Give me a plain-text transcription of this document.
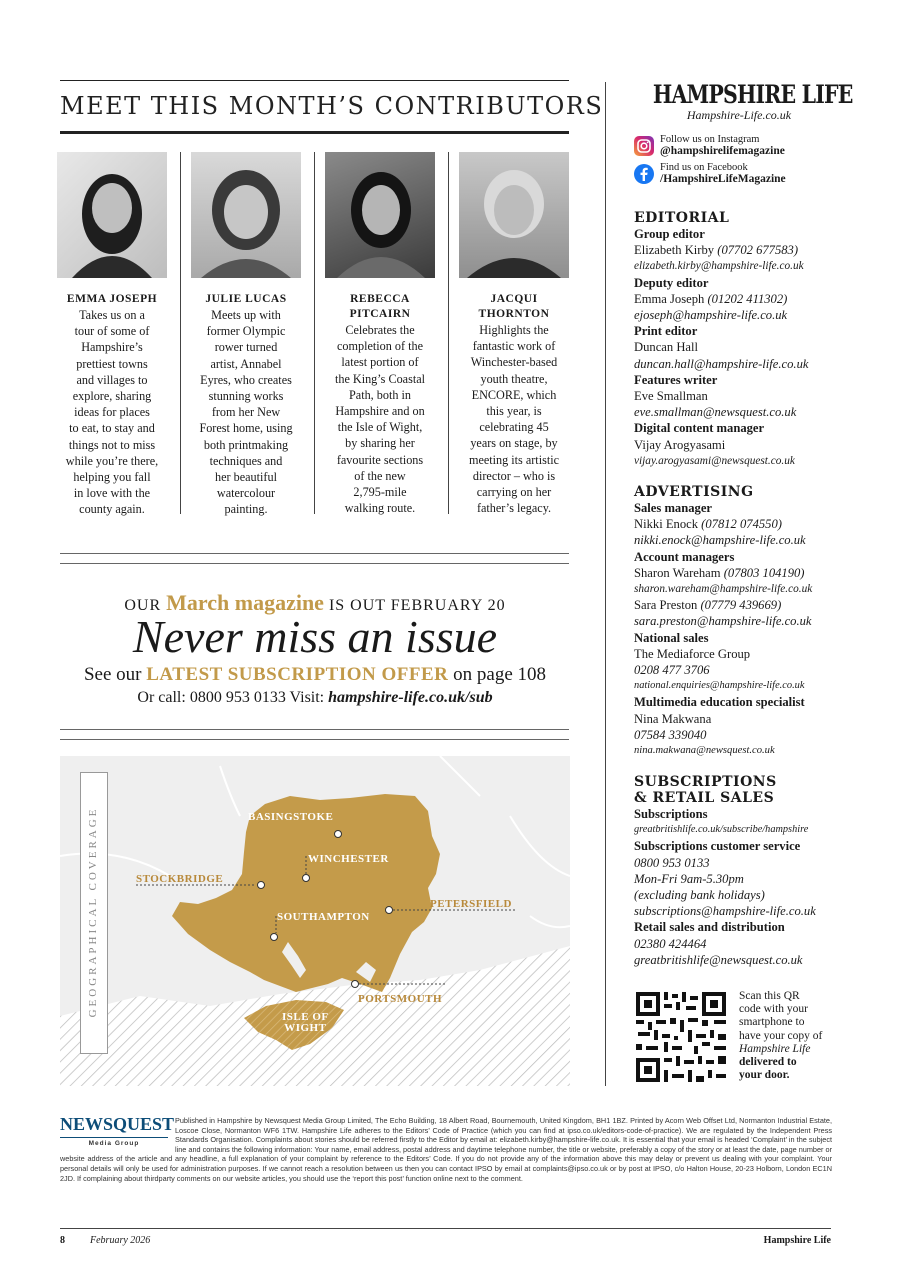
MEET THIS MONTH’S CONTRIBUTORS
EMMA JOSEPH
Takes us on a
tour of some of
Hampshire’s
prettiest towns
and villages to
explore, sharing
ideas for places
to eat, to stay and
things not to miss
while you’re there,
helping you fall
in love with the
county again.
JULIE LUCAS
Meets up with
former Olympic
rower turned
artist, Annabel
Eyres, who creates
stunning works
from her New
Forest home, using
both printmaking
techniques and
her beautiful
watercolour
painting.
REBECCA
PITCAIRN
Celebrates the
completion of the
latest portion of
the King’s Coastal
Path, both in
Hampshire and on
the Isle of Wight,
by sharing her
favourite sections
of the new
2,795-mile
walking route.
JACQUI
THORNTON
Highlights the
fantastic work of
Winchester-based
youth theatre,
ENCORE, which
this year, is
celebrating 45
years on stage, by
meeting its artistic
director – who is
carrying on her
father’s legacy.
OUR March magazine IS OUT FEBRUARY 20
Never miss an issue
See our LATEST SUBSCRIPTION OFFER on page 108
Or call: 0800 953 0133 Visit: hampshire-life.co.uk/sub
BASINGSTOKE
WINCHESTER
STOCKBRIDGE
SOUTHAMPTON
PETERSFIELD
PORTSMOUTH
ISLE OF
WIGHT
GEOGRAPHICAL COVERAGE
HAMPSHIRE LIFE
Hampshire-Life.co.uk
Follow us on Instagram
@hampshirelifemagazine
Find us on Facebook
/HampshireLifeMagazine
EDITORIAL
Group editor
Elizabeth Kirby (07702 677583)
elizabeth.kirby@hampshire-life.co.uk
Deputy editor
Emma Joseph (01202 411302)
ejoseph@hampshire-life.co.uk
Print editor
Duncan Hall
duncan.hall@hampshire-life.co.uk
Features writer
Eve Smallman
eve.smallman@newsquest.co.uk
Digital content manager
Vijay Arogyasami
vijay.arogyasami@newsquest.co.uk
ADVERTISING
Sales manager
Nikki Enock (07812 074550)
nikki.enock@hampshire-life.co.uk
Account managers
Sharon Wareham (07803 104190)
sharon.wareham@hampshire-life.co.uk
Sara Preston (07779 439669)
sara.preston@hampshire-life.co.uk
National sales
The Mediaforce Group
0208 477 3706
national.enquiries@hampshire-life.co.uk
Multimedia education specialist
Nina Makwana
07584 339040
nina.makwana@newsquest.co.uk
SUBSCRIPTIONS
& RETAIL SALES
Subscriptions
greatbritishlife.co.uk/subscribe/hampshire
Subscriptions customer service
0800 953 0133
Mon-Fri 9am-5.30pm
(excluding bank holidays)
subscriptions@hampshire-life.co.uk
Retail sales and distribution
02380 424464
greatbritishlife@newsquest.co.uk
Scan this QR
code with your
smartphone to
have your copy of
Hampshire Life
delivered to
your door.
NEWSQUEST
Media Group
Published in Hampshire by Newsquest Media Group Limited, The Echo Building, 18 Albert Road, Bournemouth, United Kingdom, BH1 1BZ. Printed by Acorn Web Offset Ltd, Normanton Industrial Estate, Loscoe Close, Normanton WF6 1TW. Hampshire Life adheres to the Editors’ Code of Practice (which you can find at ipso.co.uk/editors-code-of-practice). We are regulated by the Independent Press Standards Organisation. Complaints about stories should be referred firstly to the Editor by email at: elizabeth.kirby@hampshire-life.co.uk. It is essential that your email is headed ‘Complaint’ in the subject line and contains the following information: Your name, email address, postal address and daytime telephone number, the title or website, preferably a copy of the story or at least the date, page number or website address of the article and any headline, a full explanation of your complaint by reference to the Editors’ Code. If you do not provide any of the information above this may delay or prevent us dealing with your complaint. Your personal details will only be used for administration purposes. If we cannot reach a resolution between us then you can contact IPSO by email at complaints@ipso.co.uk or by post at IPSO, c/o Halton House, 20-23 Holborn, London EC1N 2JD. If complaining about thirdparty comments on our website articles, you should use the ‘report this post’ function online next to the comment.
8	February 2026	Hampshire Life
